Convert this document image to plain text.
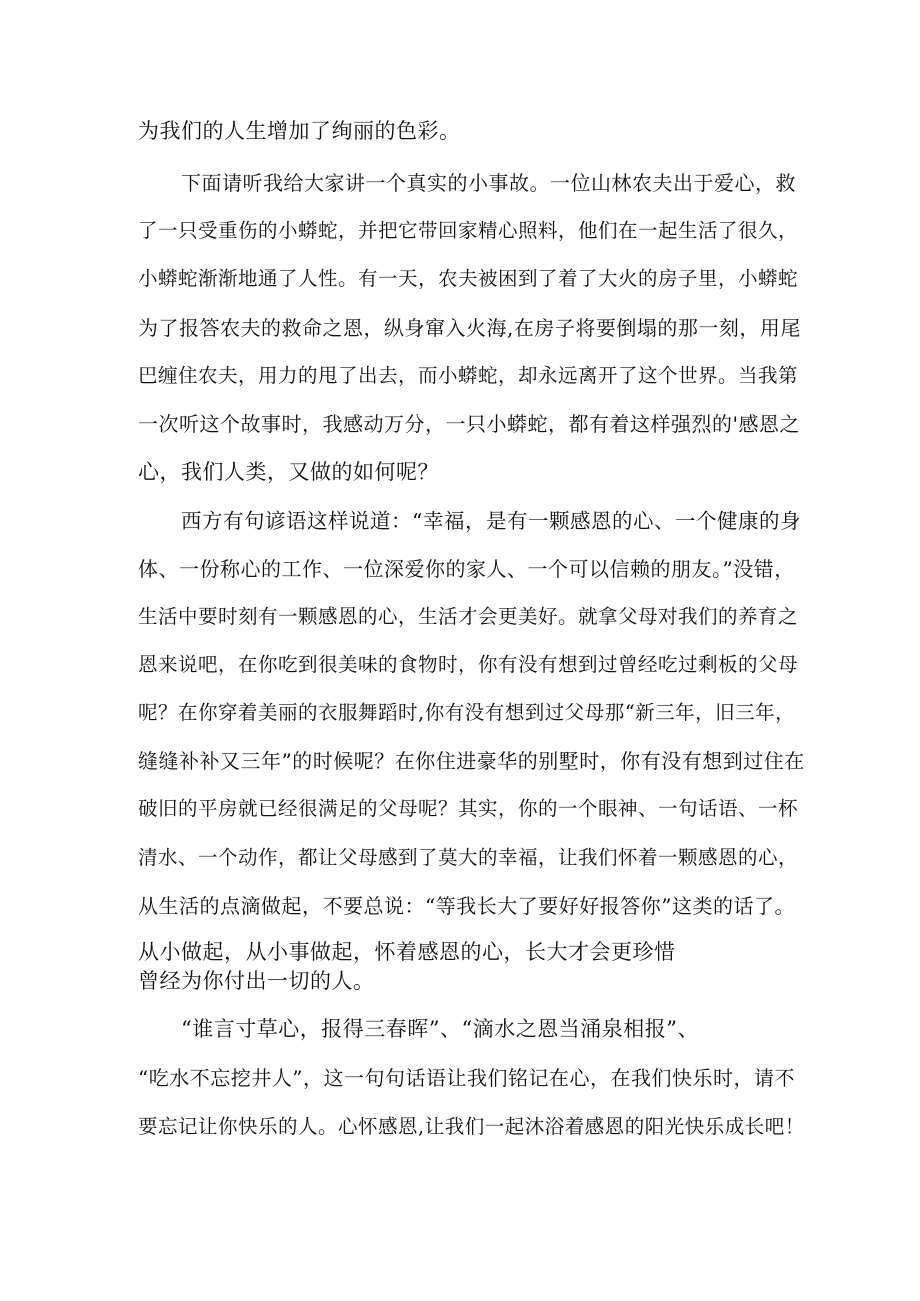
为我们的人生增加了绚丽的色彩。
下面请听我给大家讲一个真实的小事故。一位山林农夫出于爱心，救
了一只受重伤的小蟒蛇，并把它带回家精心照料，他们在一起生活了很久，
小蟒蛇渐渐地通了人性。有一天，农夫被困到了着了大火的房子里，小蟒蛇
为了报答农夫的救命之恩，纵身窜入火海,在房子将要倒塌的那一刻，用尾
巴缠住农夫，用力的甩了出去，而小蟒蛇，却永远离开了这个世界。当我第
一次听这个故事时，我感动万分，一只小蟒蛇，都有着这样强烈的'感恩之
心，我们人类，又做的如何呢？
西方有句谚语这样说道：“幸福，是有一颗感恩的心、一个健康的身
体、一份称心的工作、一位深爱你的家人、一个可以信赖的朋友。”没错，
生活中要时刻有一颗感恩的心，生活才会更美好。就拿父母对我们的养育之
恩来说吧，在你吃到很美味的食物时，你有没有想到过曾经吃过剩板的父母
呢？在你穿着美丽的衣服舞蹈时,你有没有想到过父母那“新三年，旧三年，
缝缝补补又三年”的时候呢？在你住进豪华的别墅时，你有没有想到过住在
破旧的平房就已经很满足的父母呢？其实，你的一个眼神、一句话语、一杯
清水、一个动作，都让父母感到了莫大的幸福，让我们怀着一颗感恩的心，
从生活的点滴做起，不要总说：“等我长大了要好好报答你”这类的话了。
从小做起，从小事做起，怀着感恩的心，长大才会更珍惜
曾经为你付出一切的人。
“谁言寸草心，报得三春晖”、“滴水之恩当涌泉相报”、
“吃水不忘挖井人”，这一句句话语让我们铭记在心，在我们快乐时，请不
要忘记让你快乐的人。心怀感恩,让我们一起沐浴着感恩的阳光快乐成长吧！
